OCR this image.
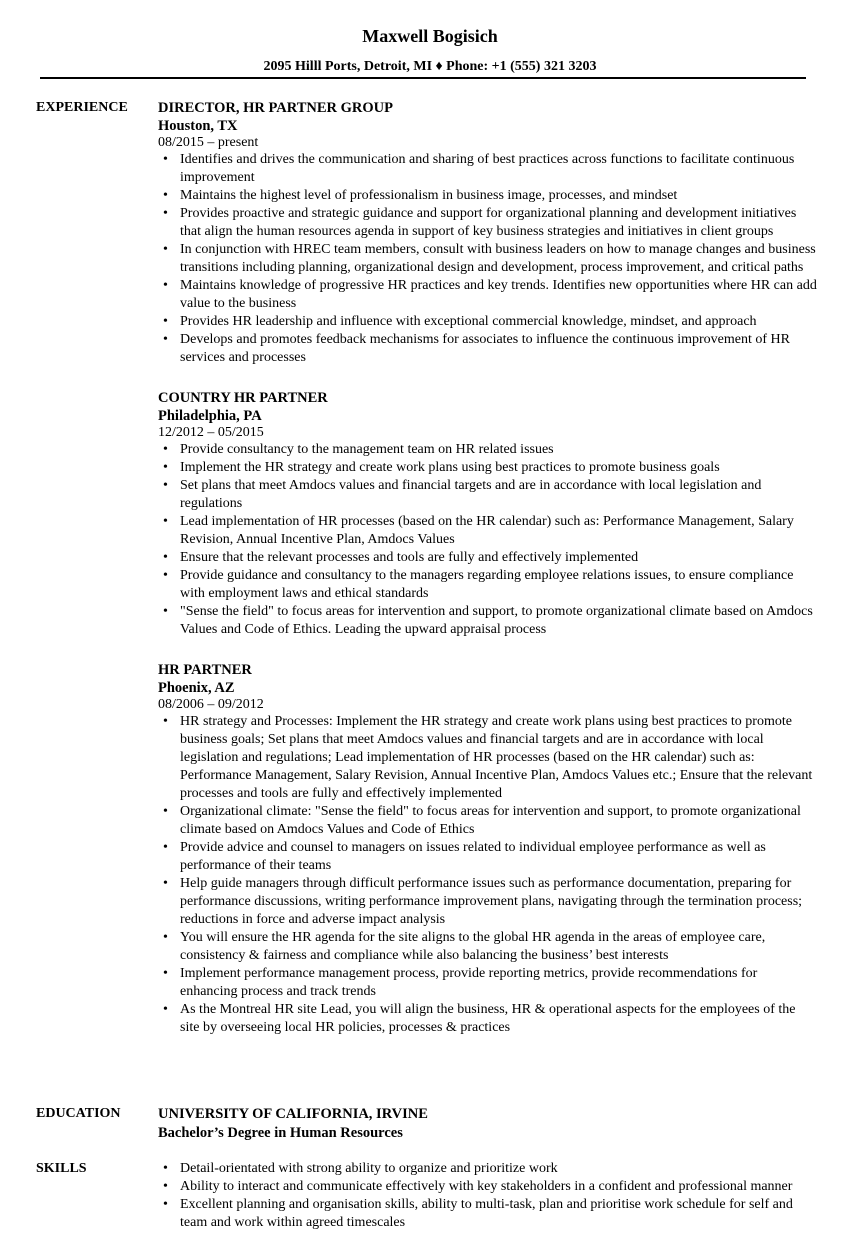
Maxwell Bogisich
2095 Hilll Ports, Detroit, MI ♦ Phone: +1 (555) 321 3203
EXPERIENCE	DIRECTOR, HR PARTNER GROUP
Houston, TX
08/2015 – present
• Identifies and drives the communication and sharing of best practices across functions to facilitate continuous improvement
• Maintains the highest level of professionalism in business image, processes, and mindset
• Provides proactive and strategic guidance and support for organizational planning and development initiatives that align the human resources agenda in support of key business strategies and initiatives in client groups
• In conjunction with HREC team members, consult with business leaders on how to manage changes and business transitions including planning, organizational design and development, process improvement, and critical paths
• Maintains knowledge of progressive HR practices and key trends. Identifies new opportunities where HR can add value to the business
• Provides HR leadership and influence with exceptional commercial knowledge, mindset, and approach
• Develops and promotes feedback mechanisms for associates to influence the continuous improvement of HR services and processes
COUNTRY HR PARTNER
Philadelphia, PA
12/2012 – 05/2015
• Provide consultancy to the management team on HR related issues
• Implement the HR strategy and create work plans using best practices to promote business goals
• Set plans that meet Amdocs values and financial targets and are in accordance with local legislation and regulations
• Lead implementation of HR processes (based on the HR calendar) such as: Performance Management, Salary Revision, Annual Incentive Plan, Amdocs Values
• Ensure that the relevant processes and tools are fully and effectively implemented
• Provide guidance and consultancy to the managers regarding employee relations issues, to ensure compliance with employment laws and ethical standards
• "Sense the field" to focus areas for intervention and support, to promote organizational climate based on Amdocs Values and Code of Ethics. Leading the upward appraisal process
HR PARTNER
Phoenix, AZ
08/2006 – 09/2012
• HR strategy and Processes: Implement the HR strategy and create work plans using best practices to promote business goals; Set plans that meet Amdocs values and financial targets and are in accordance with local legislation and regulations; Lead implementation of HR processes (based on the HR calendar) such as: Performance Management, Salary Revision, Annual Incentive Plan, Amdocs Values etc.; Ensure that the relevant processes and tools are fully and effectively implemented
• Organizational climate: "Sense the field" to focus areas for intervention and support, to promote organizational climate based on Amdocs Values and Code of Ethics
• Provide advice and counsel to managers on issues related to individual employee performance as well as performance of their teams
• Help guide managers through difficult performance issues such as performance documentation, preparing for performance discussions, writing performance improvement plans, navigating through the termination process; reductions in force and adverse impact analysis
• You will ensure the HR agenda for the site aligns to the global HR agenda in the areas of employee care, consistency & fairness and compliance while also balancing the business’ best interests
• Implement performance management process, provide reporting metrics, provide recommendations for enhancing process and track trends
• As the Montreal HR site Lead, you will align the business, HR & operational aspects for the employees of the site by overseeing local HR policies, processes & practices
EDUCATION	UNIVERSITY OF CALIFORNIA, IRVINE
Bachelor’s Degree in Human Resources
SKILLS
•	Detail-orientated with strong ability to organize and prioritize work
• Ability to interact and communicate effectively with key stakeholders in a confident and professional manner
• Excellent planning and organisation skills, ability to multi-task, plan and prioritise work schedule for self and team and work within agreed timescales
